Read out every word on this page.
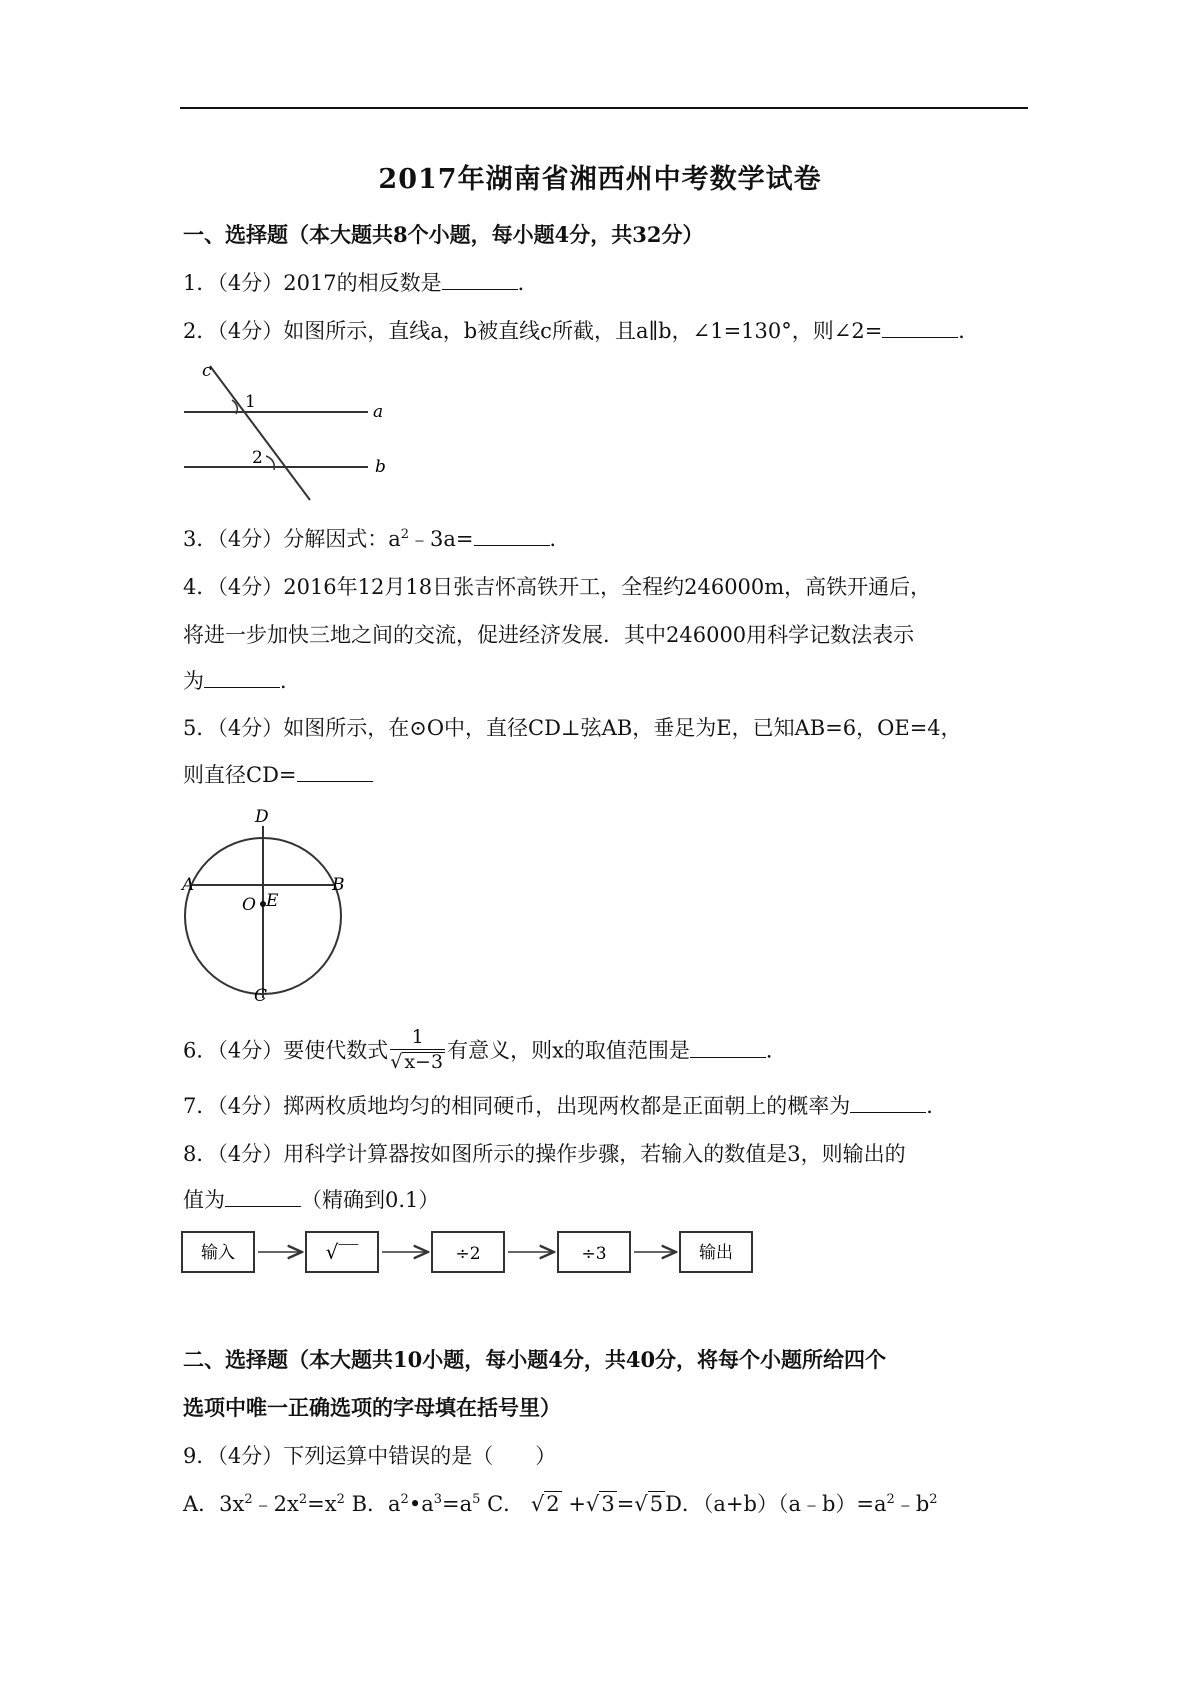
2017年湖南省湘西州中考数学试卷
一、选择题（本大题共8个小题，每小题4分，共32分）
1．（4分）2017的相反数是	．
2．（4分）如图所示，直线a，b被直线c所截，且a∥b，∠1=130°，则∠2=	．
c
1
2
a
b
3．（4分）分解因式：$a^2﹣3a=$	．
4．（4分）2016年12月18日张吉怀高铁开工，全程约246000m，高铁开通后，
将进一步加快三地之间的交流，促进经济发展．其中246000用科学记数法表示
为	．
5．（4分）如图所示，在⊙O中，直径CD⊥弦AB，垂足为E，已知AB=6，OE=4，
则直径CD=
D
A	B
E
O
C
6．（4分）要使代数式 $\frac{1}{√ x-3}$ 有意义，则x的取值范围是	．
7．（4分）掷两枚质地均匀的相同硬币，出现两枚都是正面朝上的概率为	．
8．（4分）用科学计算器按如图所示的操作步骤，若输入的数值是3，则输出的
值为	（精确到0.1）
输入	√‾‾	÷2	÷3	输出
二、选择题（本大题共10小题，每小题4分，共40分，将每个小题所给四个
选项中唯一正确选项的字母填在括号里）
9．（4分）下列运算中错误的是（　　）
A．$3x^2﹣2x^2=x^2$ B．$a^2•a^3=a^5$ C． √2 +√3=√5D．$(a+b)(a﹣b)=a^2﹣b^2$
